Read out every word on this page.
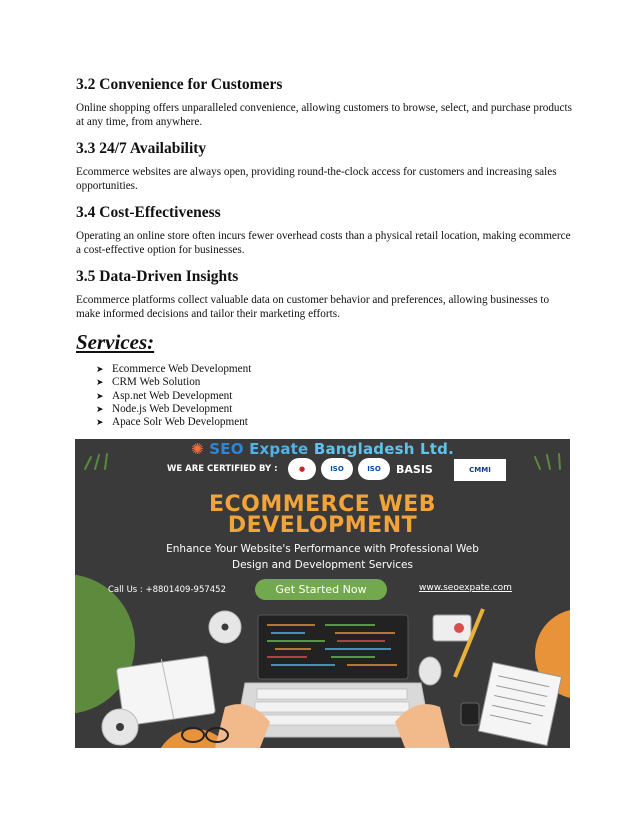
3.2 Convenience for Customers

Online shopping offers unparalleled convenience, allowing customers to browse, select, and purchase products at any time, from anywhere.

3.3 24/7 Availability

Ecommerce websites are always open, providing round-the-clock access for customers and increasing sales opportunities.

3.4 Cost-Effectiveness

Operating an online store often incurs fewer overhead costs than a physical retail location, making ecommerce a cost-effective option for businesses.

3.5 Data-Driven Insights

Ecommerce platforms collect valuable data on customer behavior and preferences, allowing businesses to make informed decisions and tailor their marketing efforts.

Services:
➤ Ecommerce Web Development
➤ CRM Web Solution
➤ Asp.net Web Development
➤ Node.js Web Development
➤ Apace Solr Web Development
✺ SEO Expate Bangladesh Ltd.
WE ARE CERTIFIED BY :	●	ISO	ISO	BASIS	CMMI
ECOMMERCE WEB
DEVELOPMENT
Enhance Your Website's Performance with Professional Web
Design and Development Services
Call Us : +8801409-957452	Get Started Now	www.seoexpate.com
